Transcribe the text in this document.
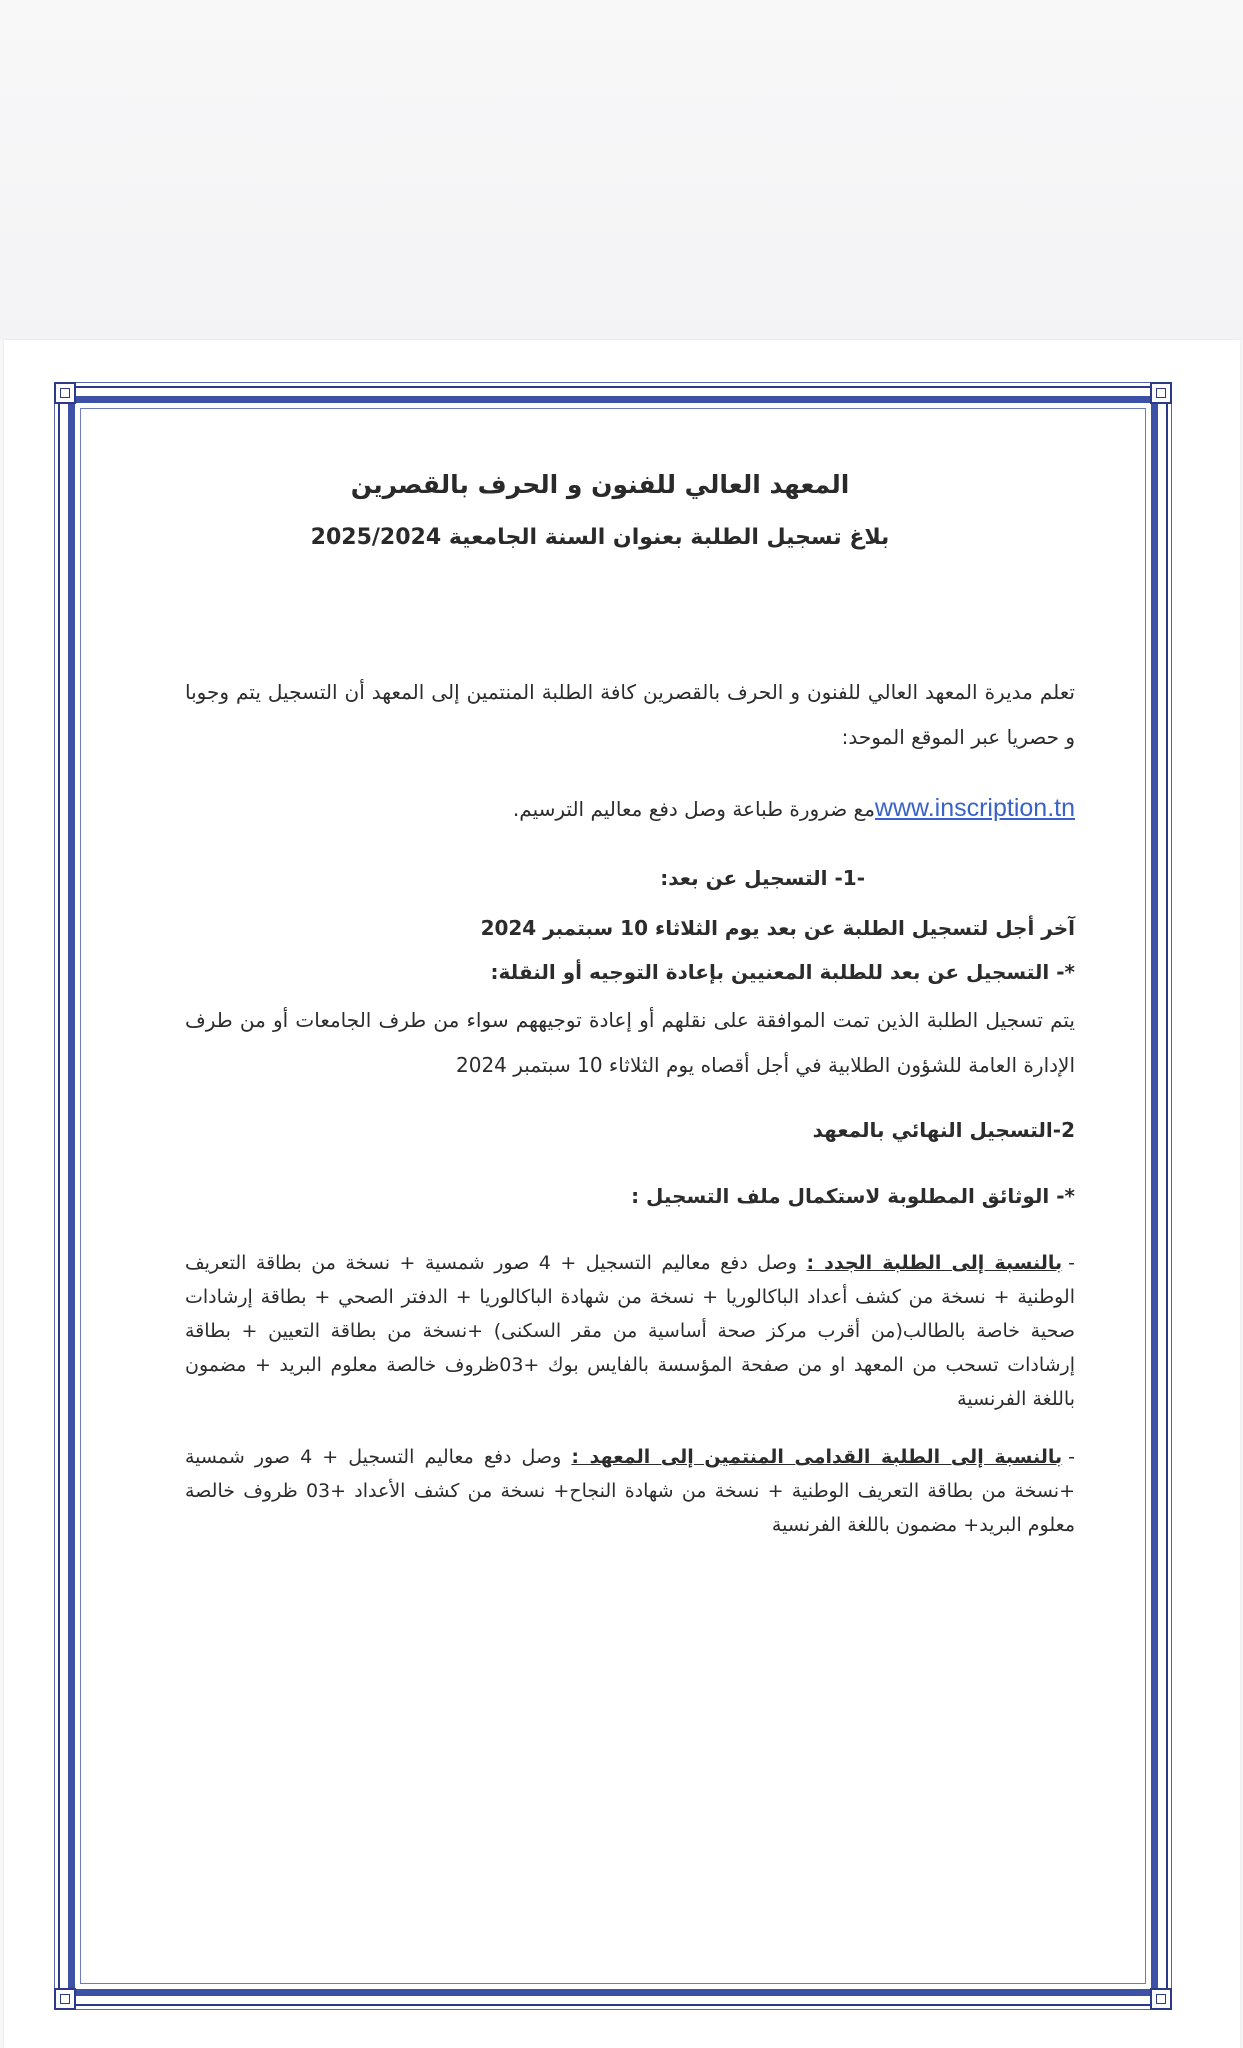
المعهد العالي للفنون و الحرف بالقصرين
بلاغ تسجيل الطلبة بعنوان السنة الجامعية 2025/2024

تعلم مديرة المعهد العالي للفنون و الحرف بالقصرين كافة الطلبة المنتمين إلى المعهد أن التسجيل يتم وجوبا و حصريا عبر الموقع الموحد:

www.inscription.tnمع ضرورة طباعة وصل دفع معاليم الترسيم.

-1- التسجيل عن بعد:

آخر أجل لتسجيل الطلبة عن بعد يوم الثلاثاء 10 سبتمبر 2024

*- التسجيل عن بعد للطلبة المعنيين بإعادة التوجيه أو النقلة:

يتم تسجيل الطلبة الذين تمت الموافقة على نقلهم أو إعادة توجيههم سواء من طرف الجامعات أو من طرف الإدارة العامة للشؤون الطلابية في أجل أقصاه يوم الثلاثاء 10 سبتمبر 2024

2-التسجيل النهائي بالمعهد

*- الوثائق المطلوبة لاستكمال ملف التسجيل :

-بالنسبة إلى الطلبة الجدد : وصل دفع معاليم التسجيل + 4 صور شمسية + نسخة من بطاقة التعريف الوطنية + نسخة من كشف أعداد الباكالوريا + نسخة من شهادة الباكالوريا + الدفتر الصحي + بطاقة إرشادات صحية خاصة بالطالب(من أقرب مركز صحة أساسية من مقر السكنى) +نسخة من بطاقة التعيين + بطاقة إرشادات تسحب من المعهد او من صفحة المؤسسة بالفايس بوك +03ظروف خالصة معلوم البريد + مضمون باللغة الفرنسية

-بالنسبة إلى الطلبة القدامى المنتمين إلى المعهد : وصل دفع معاليم التسجيل + 4 صور شمسية +نسخة من بطاقة التعريف الوطنية + نسخة من شهادة النجاح+ نسخة من كشف الأعداد +03 ظروف خالصة معلوم البريد+ مضمون باللغة الفرنسية
